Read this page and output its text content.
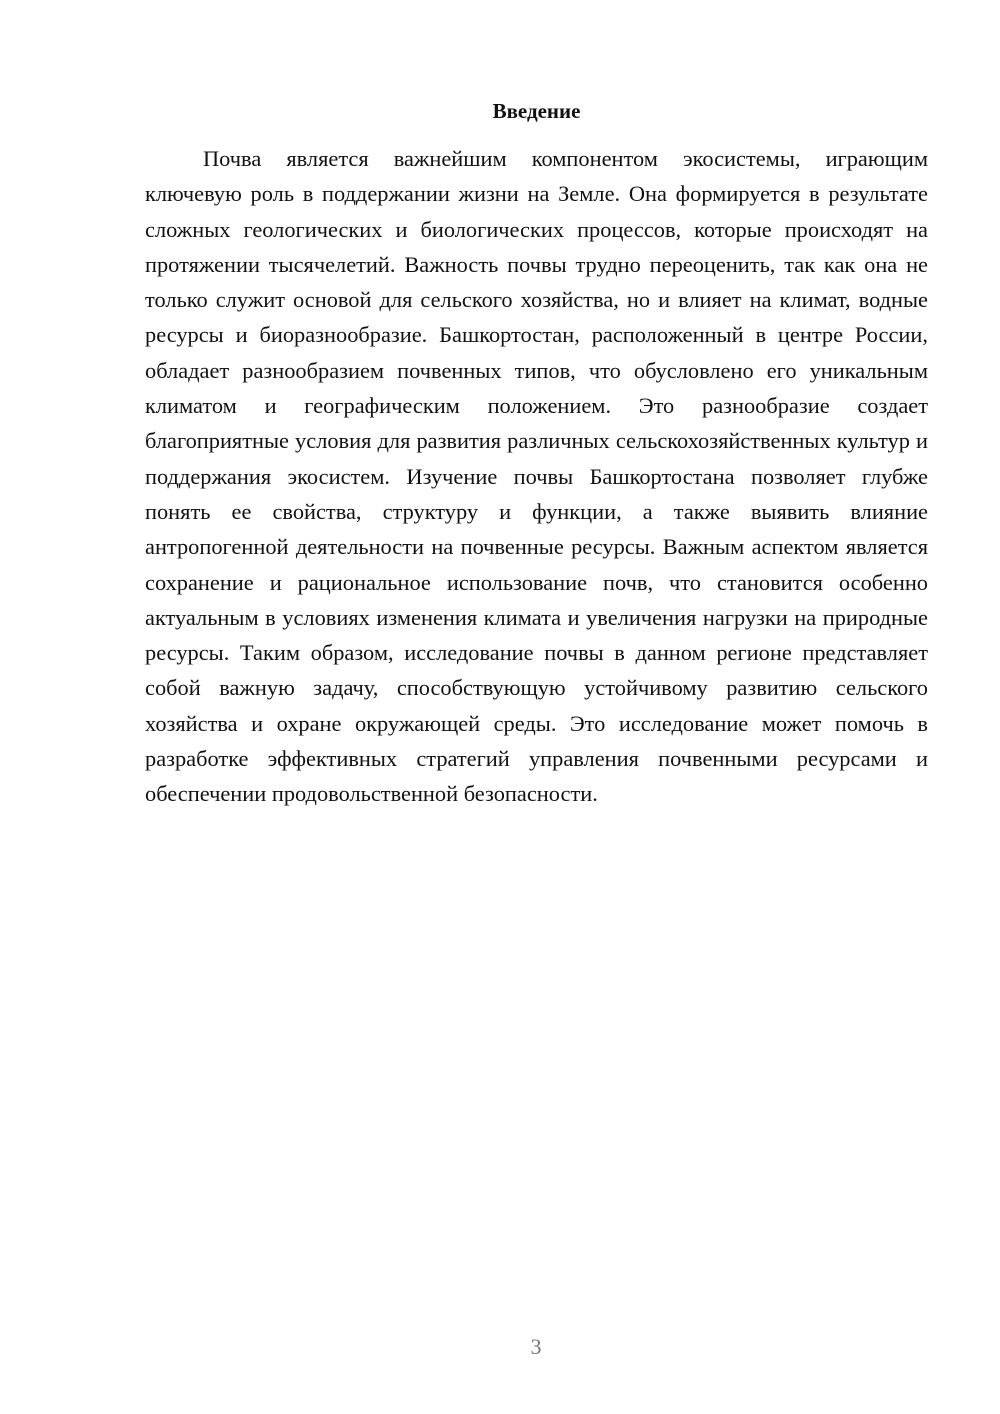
Введение

Почва является важнейшим компонентом экосистемы, играющим ключевую роль в поддержании жизни на Земле. Она формируется в результате сложных геологических и биологических процессов, которые происходят на протяжении тысячелетий. Важность почвы трудно переоценить, так как она не только служит основой для сельского хозяйства, но и влияет на климат, водные ресурсы и биоразнообразие. Башкортостан, расположенный в центре России, обладает разнообразием почвенных типов, что обусловлено его уникальным климатом и географическим положением. Это разнообразие создает благоприятные условия для развития различных сельскохозяйственных культур и поддержания экосистем. Изучение почвы Башкортостана позволяет глубже понять ее свойства, структуру и функции, а также выявить влияние антропогенной деятельности на почвенные ресурсы. Важным аспектом является сохранение и рациональное использование почв, что становится особенно актуальным в условиях изменения климата и увеличения нагрузки на природные ресурсы. Таким образом, исследование почвы в данном регионе представляет собой важную задачу, способствующую устойчивому развитию сельского хозяйства и охране окружающей среды. Это исследование может помочь в разработке эффективных стратегий управления почвенными ресурсами и обеспечении продовольственной безопасности.

3
